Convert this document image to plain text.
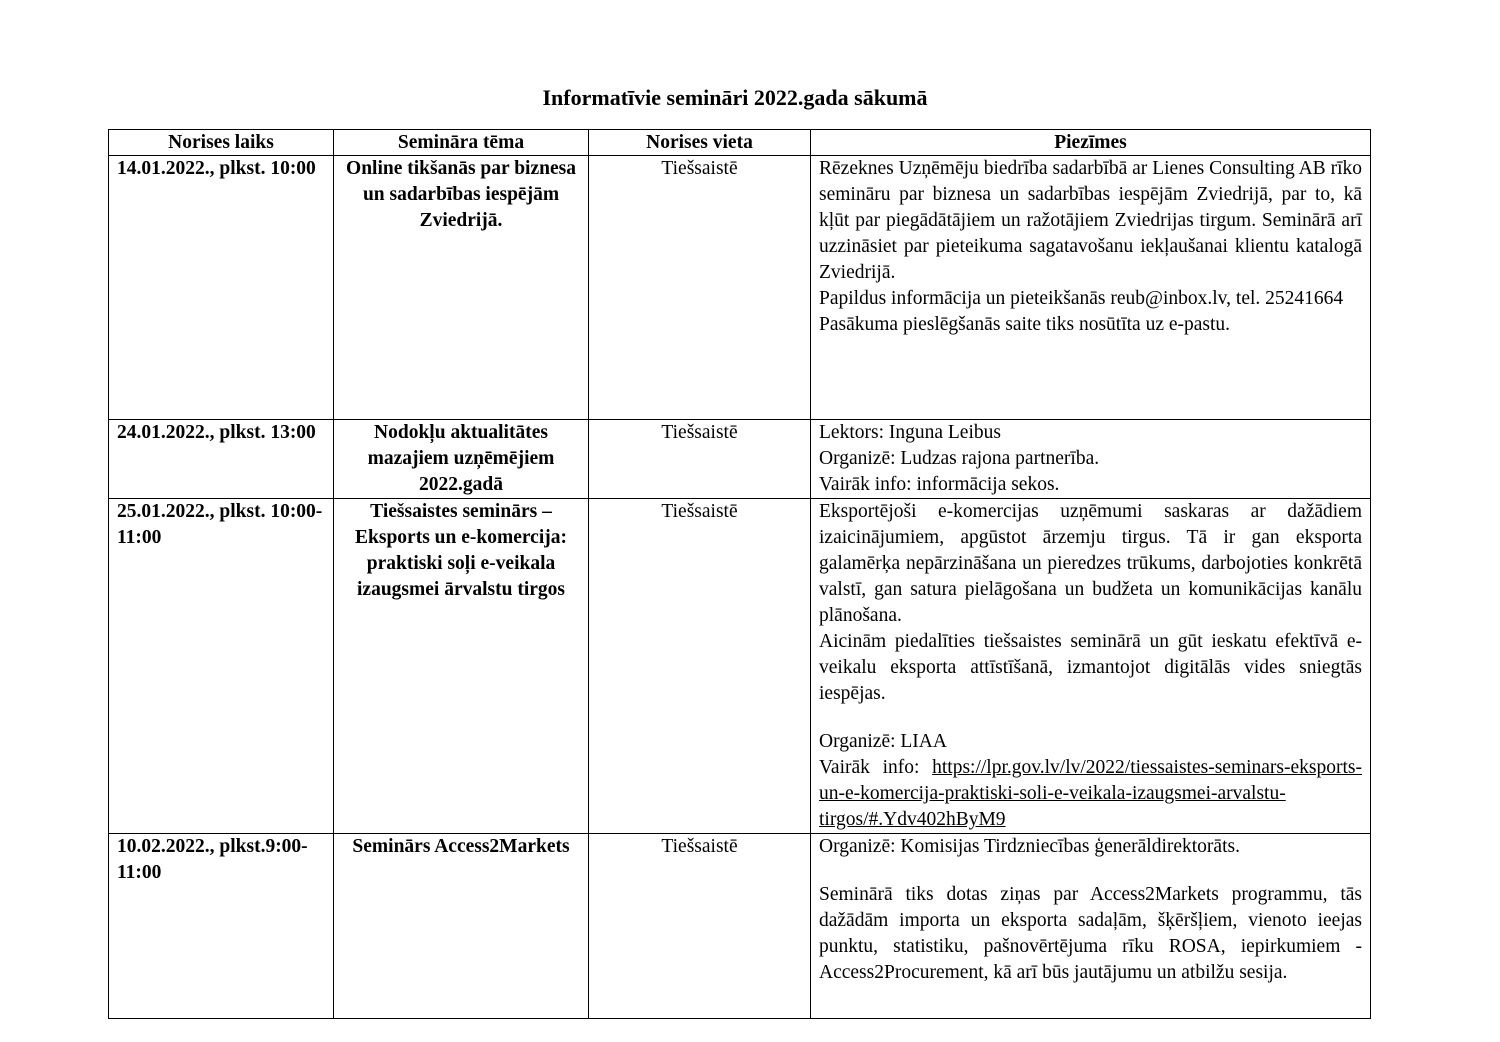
Informatīvie semināri 2022.gada sākumā
Norises laiks	Semināra tēma	Norises vieta	Piezīmes
14.01.2022., plkst. 10:00	Online tikšanās par biznesa un sadarbības iespējām Zviedrijā.	Tiešsaistē	Rēzeknes Uzņēmēju biedrība sadarbībā ar Lienes Consulting AB rīko semināru par biznesa un sadarbības iespējām Zviedrijā, par to, kā kļūt par piegādātājiem un ražotājiem Zviedrijas tirgum. Seminārā arī uzzināsiet par pieteikuma sagatavošanu iekļaušanai klientu katalogā Zviedrijā.

Papildus informācija un pieteikšanās reub@inbox.lv, tel. 25241664

Pasākuma pieslēgšanās saite tiks nosūtīta uz e-pastu.

24.01.2022., plkst. 13:00	Nodokļu aktualitātes mazajiem uzņēmējiem 2022.gadā	Tiešsaistē	Lektors: Inguna Leibus

Organizē: Ludzas rajona partnerība.

Vairāk info: informācija sekos.

25.01.2022., plkst. 10:00-11:00	Tiešsaistes seminārs – Eksports un e-komercija: praktiski soļi e-veikala izaugsmei ārvalstu tirgos	Tiešsaistē	Eksportējoši e-komercijas uzņēmumi saskaras ar dažādiem izaicinājumiem, apgūstot ārzemju tirgus. Tā ir gan eksporta galamērķa nepārzināšana un pieredzes trūkums, darbojoties konkrētā valstī, gan satura pielāgošana un budžeta un komunikācijas kanālu plānošana.

Aicinām piedalīties tiešsaistes seminārā un gūt ieskatu efektīvā e-veikalu eksporta attīstīšanā, izmantojot digitālās vides sniegtās iespējas.

Organizē: LIAA

Vairāk info: https://lpr.gov.lv/lv/2022/tiessaistes-seminars-eksports-un-e-komercija-praktiski-soli-e-veikala-izaugsmei-arvalstu-tirgos/#.Ydv402hByM9

10.02.2022., plkst.9:00-11:00	Seminārs Access2Markets	Tiešsaistē	Organizē: Komisijas Tirdzniecības ģenerāldirektorāts.

Seminārā tiks dotas ziņas par Access2Markets programmu, tās dažādām importa un eksporta sadaļām, šķēršļiem, vienoto ieejas punktu, statistiku, pašnovērtējuma rīku ROSA, iepirkumiem - Access2Procurement, kā arī būs jautājumu un atbilžu sesija.
